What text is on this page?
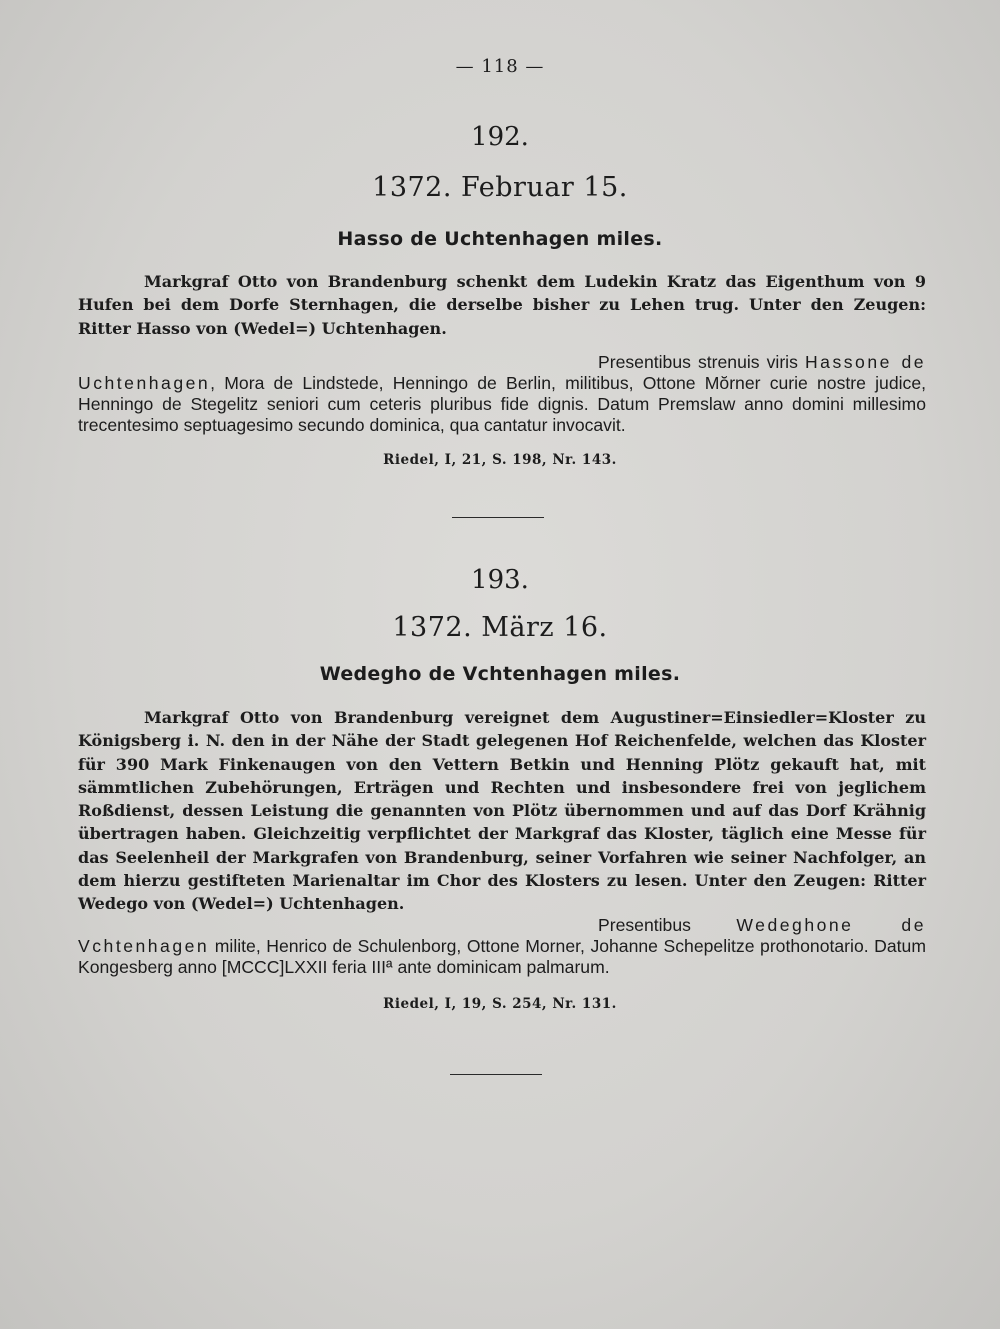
— 118 —
192.
1372. Februar 15.
Hasso de Uchtenhagen miles.

Markgraf Otto von Brandenburg schenkt dem Ludekin Kratz das Eigenthum von 9 Hufen bei dem Dorfe Sternhagen, die derselbe bisher zu Lehen trug. Unter den Zeugen: Ritter Hasso von (Wedel=) Uchtenhagen.

Presentibus strenuis viris Hassone de Uchtenhagen, Mora de Lindstede, Henningo de Berlin, militibus, Ottone Mŏrner curie nostre judice, Henningo de Stegelitz seniori cum ceteris pluribus fide dignis. Datum Premslaw anno domini millesimo trecentesimo septuagesimo secundo dominica, qua cantatur invocavit.

Riedel, I, 21, S. 198, Nr. 143.
193.
1372. März 16.
Wedegho de Vchtenhagen miles.

Markgraf Otto von Brandenburg vereignet dem Augustiner=Einsiedler=Kloster zu Königsberg i. N. den in der Nähe der Stadt gelegenen Hof Reichenfelde, welchen das Kloster für 390 Mark Finkenaugen von den Vettern Betkin und Henning Plötz gekauft hat, mit sämmtlichen Zubehörungen, Erträgen und Rechten und insbesondere frei von jeglichem Roßdienst, dessen Leistung die genannten von Plötz übernommen und auf das Dorf Krähnig übertragen haben. Gleichzeitig verpflichtet der Markgraf das Kloster, täglich eine Messe für das Seelenheil der Markgrafen von Brandenburg, seiner Vorfahren wie seiner Nachfolger, an dem hierzu gestifteten Marienaltar im Chor des Klosters zu lesen. Unter den Zeugen: Ritter Wedego von (Wedel=) Uchtenhagen.

Presentibus	Wedeghone de Vchtenhagen milite, Henrico de Schulenborg, Ottone Morner, Johanne Schepelitze prothonotario. Datum Kongesberg anno [MCCC]LXXII feria IIIª ante dominicam palmarum.

Riedel, I, 19, S. 254, Nr. 131.
